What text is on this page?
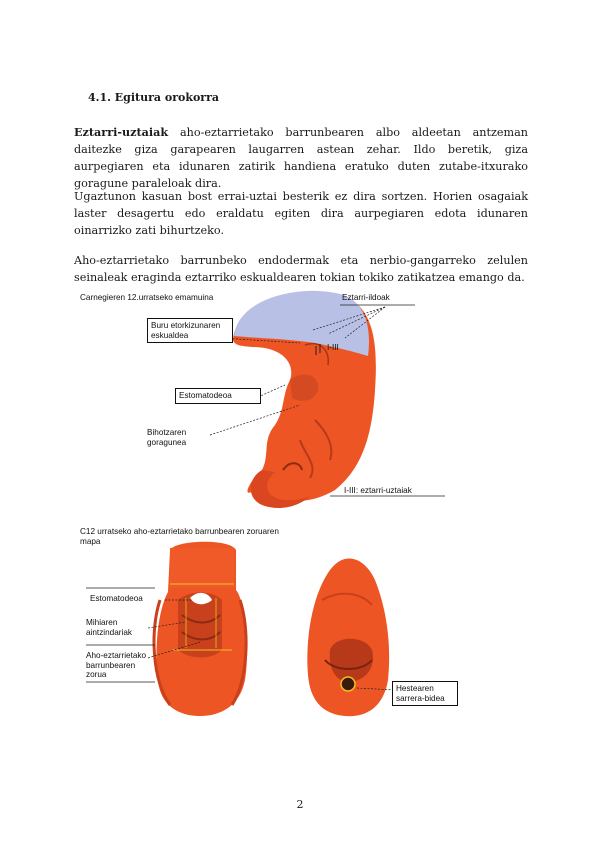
4.1. Egitura orokorra

Eztarri-uztaiak aho-eztarrietako barrunbearen albo aldeetan antzeman daitezke giza garapearen laugarren astean zehar. Ildo beretik, giza aurpegiaren eta idunaren zatirik handiena eratuko duten zutabe-itxurako goragune paraleloak dira.

Ugaztunon kasuan bost errai-uztai besterik ez dira sortzen. Horien osagaiak laster desagertu edo eraldatu egiten dira aurpegiaren edota idunaren oinarrizko zati bihurtzeko.

Aho-eztarrietako barrunbeko endodermak eta nerbio-gangarreko zelulen seinaleak eraginda eztarriko eskualdearen tokian tokiko zatikatzea emango da.

Carnegieren 12.urratseko emamuina
Buru etorkizunaren eskualdea
Eztarri-ildoak
I-III
Estomatodeoa
Bihotzaren goragunea
I-III: eztarri-uztaiak
C12 urratseko aho-eztarrietako barrunbearen zoruaren mapa
Estomatodeoa
Mihiaren aintzindariak
Aho-eztarrietako barrunbearen zorua
Hestearen sarrera-bidea
2
